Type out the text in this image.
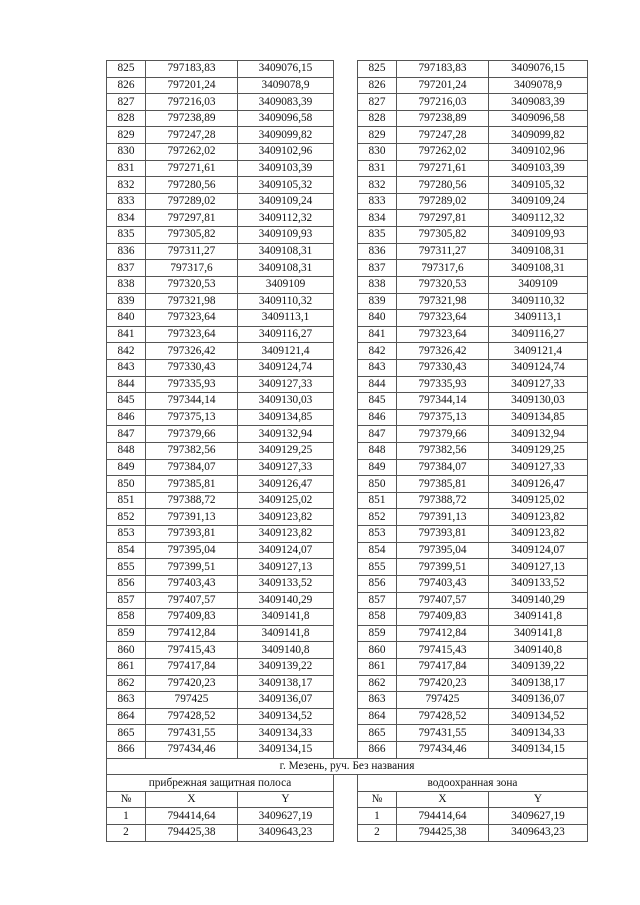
825	797183,83	3409076,15		825	797183,83	3409076,15
826	797201,24	3409078,9		826	797201,24	3409078,9
827	797216,03	3409083,39		827	797216,03	3409083,39
828	797238,89	3409096,58		828	797238,89	3409096,58
829	797247,28	3409099,82		829	797247,28	3409099,82
830	797262,02	3409102,96		830	797262,02	3409102,96
831	797271,61	3409103,39		831	797271,61	3409103,39
832	797280,56	3409105,32		832	797280,56	3409105,32
833	797289,02	3409109,24		833	797289,02	3409109,24
834	797297,81	3409112,32		834	797297,81	3409112,32
835	797305,82	3409109,93		835	797305,82	3409109,93
836	797311,27	3409108,31		836	797311,27	3409108,31
837	797317,6	3409108,31		837	797317,6	3409108,31
838	797320,53	3409109		838	797320,53	3409109
839	797321,98	3409110,32		839	797321,98	3409110,32
840	797323,64	3409113,1		840	797323,64	3409113,1
841	797323,64	3409116,27		841	797323,64	3409116,27
842	797326,42	3409121,4		842	797326,42	3409121,4
843	797330,43	3409124,74		843	797330,43	3409124,74
844	797335,93	3409127,33		844	797335,93	3409127,33
845	797344,14	3409130,03		845	797344,14	3409130,03
846	797375,13	3409134,85		846	797375,13	3409134,85
847	797379,66	3409132,94		847	797379,66	3409132,94
848	797382,56	3409129,25		848	797382,56	3409129,25
849	797384,07	3409127,33		849	797384,07	3409127,33
850	797385,81	3409126,47		850	797385,81	3409126,47
851	797388,72	3409125,02		851	797388,72	3409125,02
852	797391,13	3409123,82		852	797391,13	3409123,82
853	797393,81	3409123,82		853	797393,81	3409123,82
854	797395,04	3409124,07		854	797395,04	3409124,07
855	797399,51	3409127,13		855	797399,51	3409127,13
856	797403,43	3409133,52		856	797403,43	3409133,52
857	797407,57	3409140,29		857	797407,57	3409140,29
858	797409,83	3409141,8		858	797409,83	3409141,8
859	797412,84	3409141,8		859	797412,84	3409141,8
860	797415,43	3409140,8		860	797415,43	3409140,8
861	797417,84	3409139,22		861	797417,84	3409139,22
862	797420,23	3409138,17		862	797420,23	3409138,17
863	797425	3409136,07		863	797425	3409136,07
864	797428,52	3409134,52		864	797428,52	3409134,52
865	797431,55	3409134,33		865	797431,55	3409134,33
866	797434,46	3409134,15		866	797434,46	3409134,15
г. Мезень, руч. Без названия						
прибрежная защитная полоса				водоохранная зона		
№	X	Y		№	X	Y
1	794414,64	3409627,19		1	794414,64	3409627,19
2	794425,38	3409643,23		2	794425,38	3409643,23
